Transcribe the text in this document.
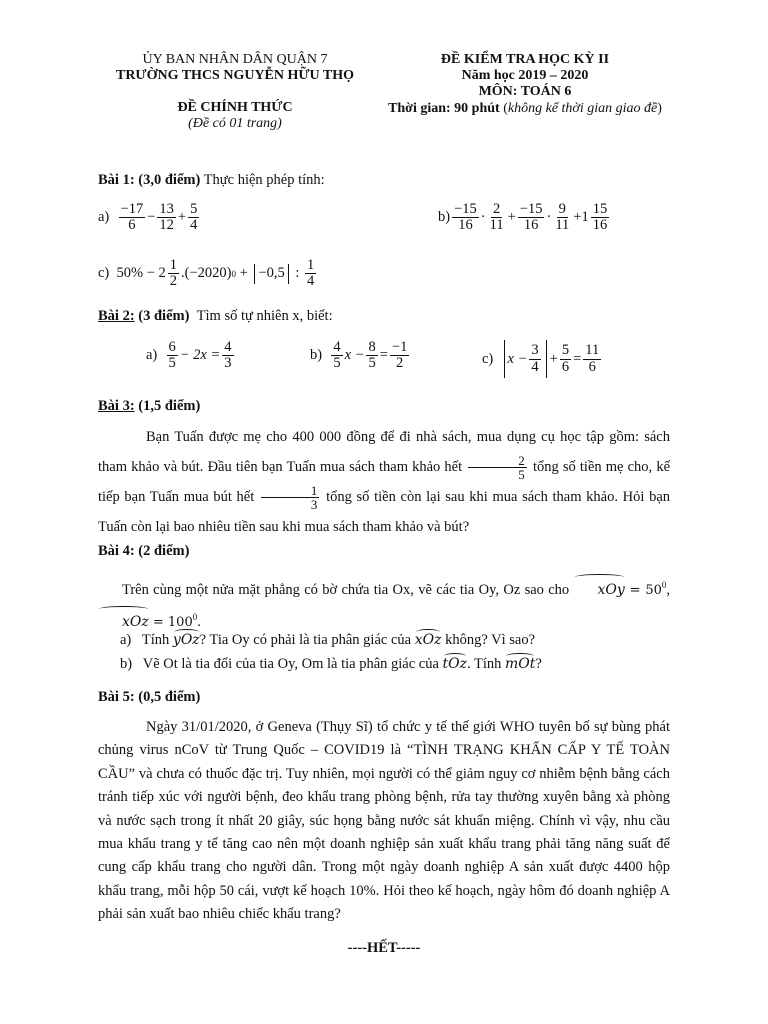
ỦY BAN NHÂN DÂN QUẬN 7
TRƯỜNG THCS NGUYỄN HỮU THỌ
ĐỀ CHÍNH THỨC
(Đề có 01 trang)
ĐỀ KIỂM TRA HỌC KỲ II
Năm học 2019 – 2020
MÔN: TOÁN 6
Thời gian: 90 phút (không kể thời gian giao đề)
Bài 1: (3,0 điểm) Thực hiện phép tính:
a)
$\frac{-17}{6} - \frac{13}{12} + \frac{5}{4}$	$b) \frac{-15}{16} \cdot \frac{2}{11} + \frac{-15}{16} \cdot \frac{9}{11} +1 \frac{15}{16}$
c)
$50\% - 2 \frac{1}{2} .(-2020) 0 + -0,5$ : $\frac{1}{4}$
Bài 2: (3 điểm) Tìm số tự nhiên x, biết:
a)
$\frac{6}{5} - 2x = \frac{4}{3}$	b)
$\frac{4}{5}$ $x - \frac{8}{5} = \frac{-1}{2}$	c)
$x - \frac{3}{4} + \frac{5}{6} = \frac{11}{6}$
Bài 3: (1,5 điểm)
Bạn Tuấn được mẹ cho 400 000 đồng để đi nhà sách, mua dụng cụ học tập gồm: sách tham khảo và bút. Đầu tiên bạn Tuấn mua sách tham khảo hết $\frac{2}{5}$ tổng số tiền mẹ cho, kế tiếp bạn Tuấn mua bút hết $\frac{1}{3}$ tổng số tiền còn lại sau khi mua sách tham khảo. Hỏi bạn Tuấn còn lại bao nhiêu tiền sau khi mua sách tham khảo và bút?
Bài 4: (2 điểm)
Trên cùng một nửa mặt phẳng có bờ chứa tia Ox, vẽ các tia Oy, Oz sao cho xOy = $50^0$, xOz = $100^0$.
a) Tính yOz? Tia Oy có phải là tia phân giác của xOz không? Vì sao?
b) Vẽ Ot là tia đối của tia Oy, Om là tia phân giác của tOz. Tính mOt?
Bài 5: (0,5 điểm)
Ngày 31/01/2020, ở Geneva (Thụy Sĩ) tổ chức y tế thế giới WHO tuyên bố sự bùng phát chủng virus nCoV từ Trung Quốc – COVID19 là “TÌNH TRẠNG KHẨN CẤP Y TẾ TOÀN CẦU” và chưa có thuốc đặc trị. Tuy nhiên, mọi người có thể giảm nguy cơ nhiễm bệnh bằng cách tránh tiếp xúc với người bệnh, đeo khẩu trang phòng bệnh, rửa tay thường xuyên bằng xà phòng và nước sạch trong ít nhất 20 giây, súc họng bằng nước sát khuẩn miệng. Chính vì vậy, nhu cầu mua khẩu trang y tế tăng cao nên một doanh nghiệp sản xuất khẩu trang phải tăng năng suất để cung cấp khẩu trang cho người dân. Trong một ngày doanh nghiệp A sản xuất được 4400 hộp khẩu trang, mỗi hộp 50 cái, vượt kế hoạch 10%. Hỏi theo kế hoạch, ngày hôm đó doanh nghiệp A phải sản xuất bao nhiêu chiếc khẩu trang?
----HẾT-----
